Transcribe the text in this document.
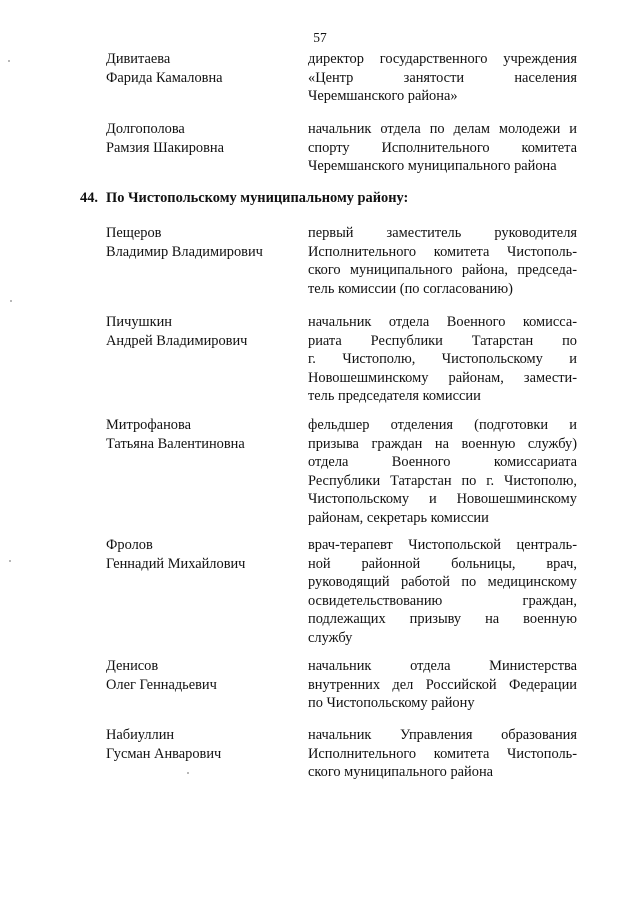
57
Дивитаева
Фарида Камаловна
директор государственного учреждения
«Центр занятости населения
Черемшанского района»
Долгополова
Рамзия Шакировна
начальник отдела по делам молодежи и
спорту Исполнительного комитета
Черемшанского муниципального района
44. По Чистопольскому муниципальному району:
Пещеров
Владимир Владимирович
первый заместитель руководителя
Исполнительного комитета Чистополь-
ского муниципального района, председа-
тель комиссии (по согласованию)
Пичушкин
Андрей Владимирович
начальник отдела Военного комисса-
риата Республики Татарстан по
г. Чистополю, Чистопольскому и
Новошешминскому районам, замести-
тель председателя комиссии
Митрофанова
Татьяна Валентиновна
фельдшер отделения (подготовки и
призыва граждан на военную службу)
отдела Военного комиссариата
Республики Татарстан по г. Чистополю,
Чистопольскому и Новошешминскому
районам, секретарь комиссии
Фролов
Геннадий Михайлович
врач-терапевт Чистопольской централь-
ной районной больницы, врач,
руководящий работой по медицинскому
освидетельствованию граждан,
подлежащих призыву на военную
службу
Денисов
Олег Геннадьевич
начальник отдела Министерства
внутренних дел Российской Федерации
по Чистопольскому району
Набиуллин
Гусман Анварович
начальник Управления образования
Исполнительного комитета Чистополь-
ского муниципального района
